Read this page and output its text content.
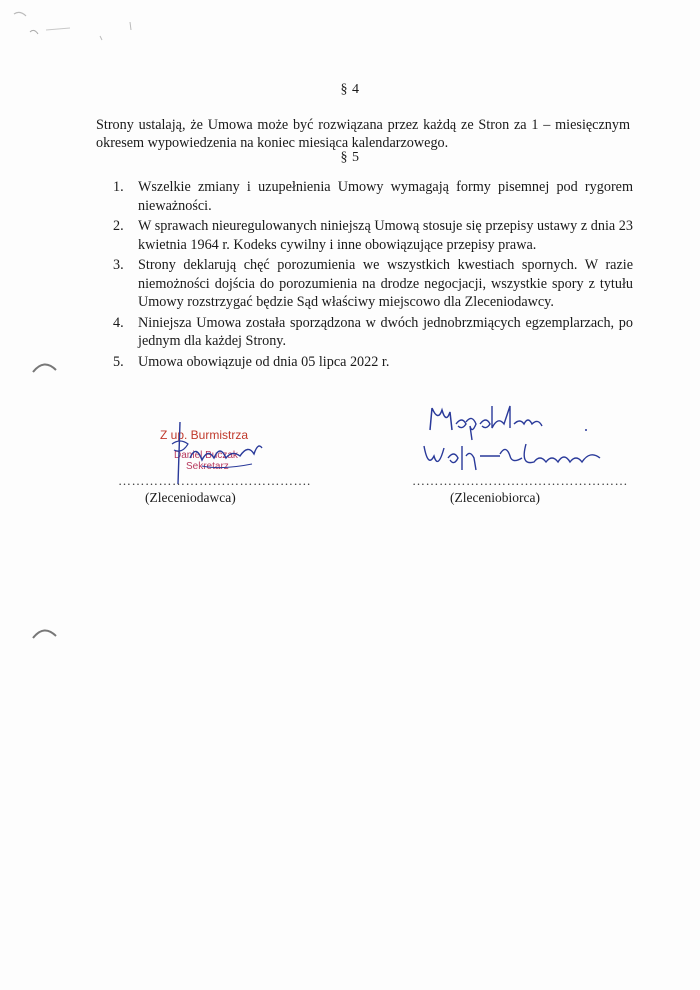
§ 4
Strony ustalają, że Umowa może być rozwiązana przez każdą ze Stron za 1 – miesięcznym okresem wypowiedzenia na koniec miesiąca kalendarzowego.
§ 5
1. Wszelkie zmiany i uzupełnienia Umowy wymagają formy pisemnej pod rygorem nieważności.
2. W sprawach nieuregulowanych niniejszą Umową stosuje się przepisy ustawy z dnia 23 kwietnia 1964 r. Kodeks cywilny i inne obowiązujące przepisy prawa.
3. Strony deklarują chęć porozumienia we wszystkich kwestiach spornych. W razie niemożności dojścia do porozumienia na drodze negocjacji, wszystkie spory z tytułu Umowy rozstrzygać będzie Sąd właściwy miejscowo dla Zleceniodawcy.
4. Niniejsza Umowa została sporządzona w dwóch jednobrzmiących egzemplarzach, po jednym dla każdej Strony.
5. Umowa obowiązuje od dnia 05 lipca 2022 r.
Z up. Burmistrza
Daniel Buczak
Sekretarz
…………………………………….
(Zleceniodawca)
…………………………………………
(Zleceniobiorca)
